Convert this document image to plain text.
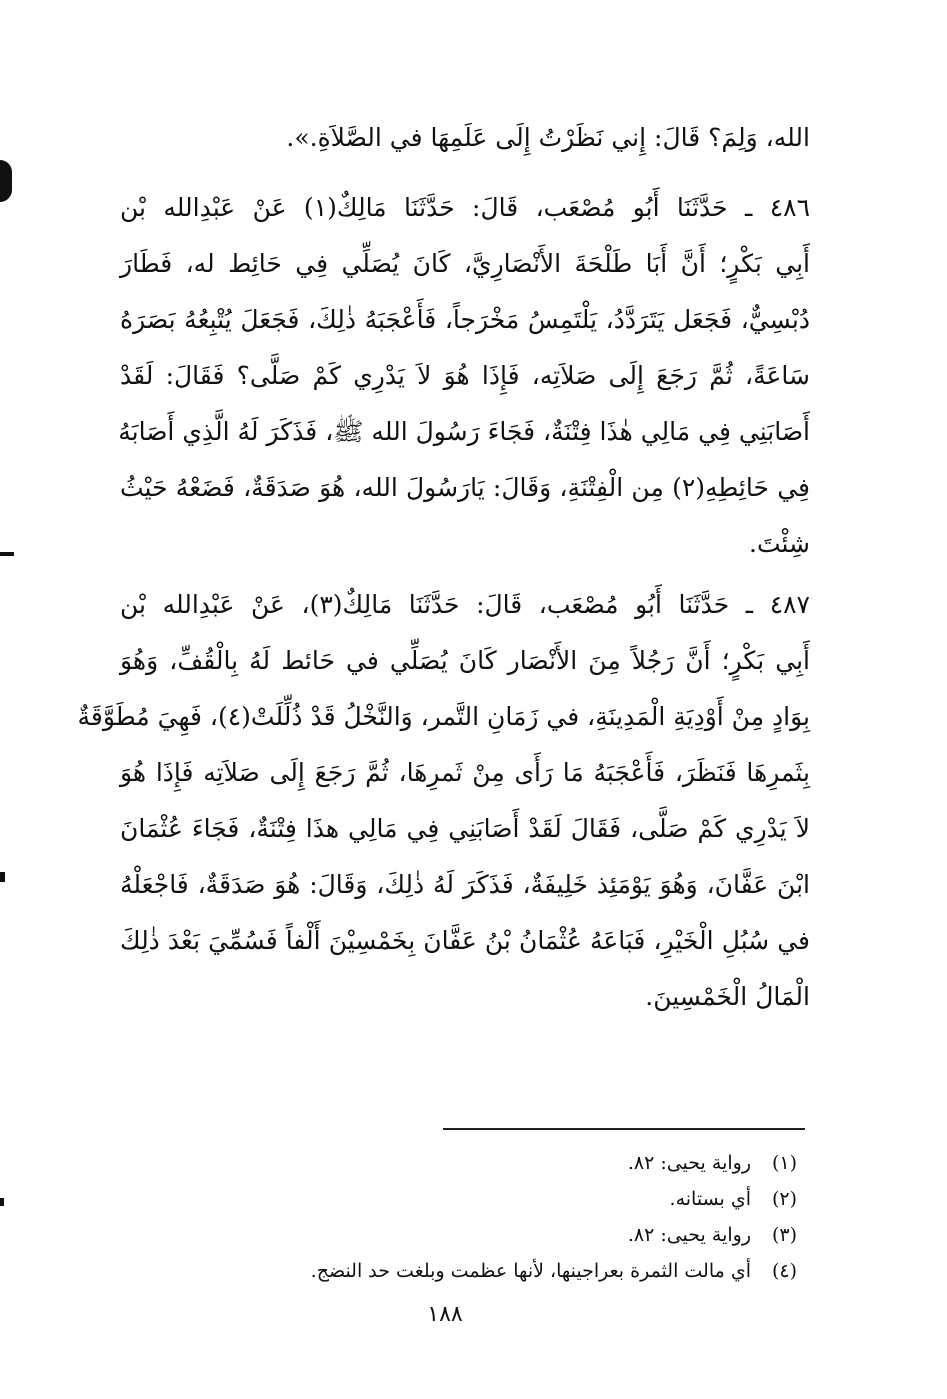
الله، وَلِمَ؟ قَالَ: إِني نَظَرْتُ إِلَى عَلَمِهَا في الصَّلاَةِ.».
٤٨٦ ـ حَدَّثَنَا أَبُو مُصْعَب، قَالَ: حَدَّثَنَا مَالِكٌ(١) عَنْ عَبْدِالله بْن
أَبِي بَكْرٍ؛ أَنَّ أَبَا طَلْحَةَ الأَنْصَارِيَّ، كَانَ يُصَلِّي فِي حَائِط له، فَطَارَ
دُبْسِيٌّ، فَجَعَل يَتَرَدَّدُ، يَلْتَمِسُ مَخْرَجاً، فَأَعْجَبَهُ ذٰلِكَ، فَجَعَلَ يُتْبِعُهُ بَصَرَهُ
سَاعَةً، ثُمَّ رَجَعَ إِلَى صَلاَتِه، فَإِذَا هُوَ لاَ يَدْرِي كَمْ صَلَّى؟ فَقَالَ: لَقَدْ
أَصَابَنِي فِي مَالِي هٰذَا فِتْنَةٌ، فَجَاءَ رَسُولَ الله ﷺ، فَذَكَرَ لَهُ الَّذِي أَصَابَهُ
فِي حَائِطِهِ(٢) مِن الْفِتْنَةِ، وَقَالَ: يَارَسُولَ الله، هُوَ صَدَقَةٌ، فَضَعْهُ حَيْثُ
شِئْتَ.
٤٨٧ ـ حَدَّثَنَا أَبُو مُصْعَب، قَالَ: حَدَّثَنَا مَالِكٌ(٣)، عَنْ عَبْدِالله بْن
أَبِي بَكْرٍ؛ أَنَّ رَجُلاً مِنَ الأَنْصَار كَانَ يُصَلِّي في حَائط لَهُ بِالْقُفِّ، وَهُوَ
بِوَادٍ مِنْ أَوْدِيَةِ الْمَدِينَةِ، في زَمَانِ التَّمر، وَالنَّخْلُ قَدْ ذُلِّلَتْ(٤)، فَهِيَ مُطَوَّقَةٌ
بِثَمرِهَا فَنَظَرَ، فَأَعْجَبَهُ مَا رَأَى مِنْ ثَمرِهَا، ثُمَّ رَجَعَ إِلَى صَلاَتِه فَإِذَا هُوَ
لاَ يَدْرِي كَمْ صَلَّى، فَقَالَ لَقَدْ أَصَابَنِي فِي مَالِي هذَا فِتْنَةٌ، فَجَاءَ عُثْمَانَ
ابْنَ عَفَّانَ، وَهُوَ يَوْمَئِذ خَلِيفَةٌ، فَذَكَرَ لَهُ ذٰلِكَ، وَقَالَ: هُوَ صَدَقَةٌ، فَاجْعَلْهُ
في سُبُلِ الْخَيْرِ، فَبَاعَهُ عُثْمَانُ بْنُ عَفَّانَ بِخَمْسِيْنَ أَلْفاً فَسُمِّيَ بَعْدَ ذٰلِكَ
الْمَالُ الْخَمْسِينَ.
(١)
رواية يحيى: ٨٢.
(٢)
أي بستانه.
(٣)
رواية يحيى: ٨٢.
(٤)
أي مالت الثمرة بعراجينها، لأنها عظمت وبلغت حد النضج.
١٨٨
